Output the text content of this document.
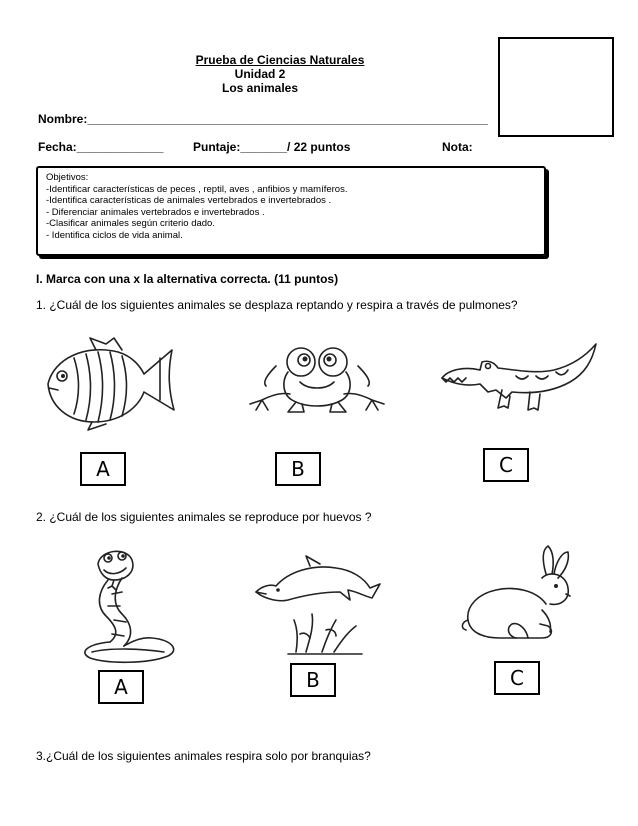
Prueba de Ciencias Naturales
Unidad 2
Los animales
Nombre:____________________________________________________________
Fecha:_____________ Puntaje:_______/ 22 puntos	Nota:
Objetivos:
-Identificar características de peces , reptil, aves , anfibios y mamíferos.
-Identifica características de animales vertebrados e invertebrados .
- Diferenciar animales vertebrados e invertebrados .
-Clasificar animales según criterio dado.
- Identifica ciclos de vida animal.
I. Marca con una x la alternativa correcta. (11 puntos)
1. ¿Cuál de los siguientes animales se desplaza reptando y respira a través de pulmones?
A	B	C
2. ¿Cuál de los siguientes animales se reproduce por huevos ?
A	B	C
3.¿Cuál de los siguientes animales respira solo por branquias?
